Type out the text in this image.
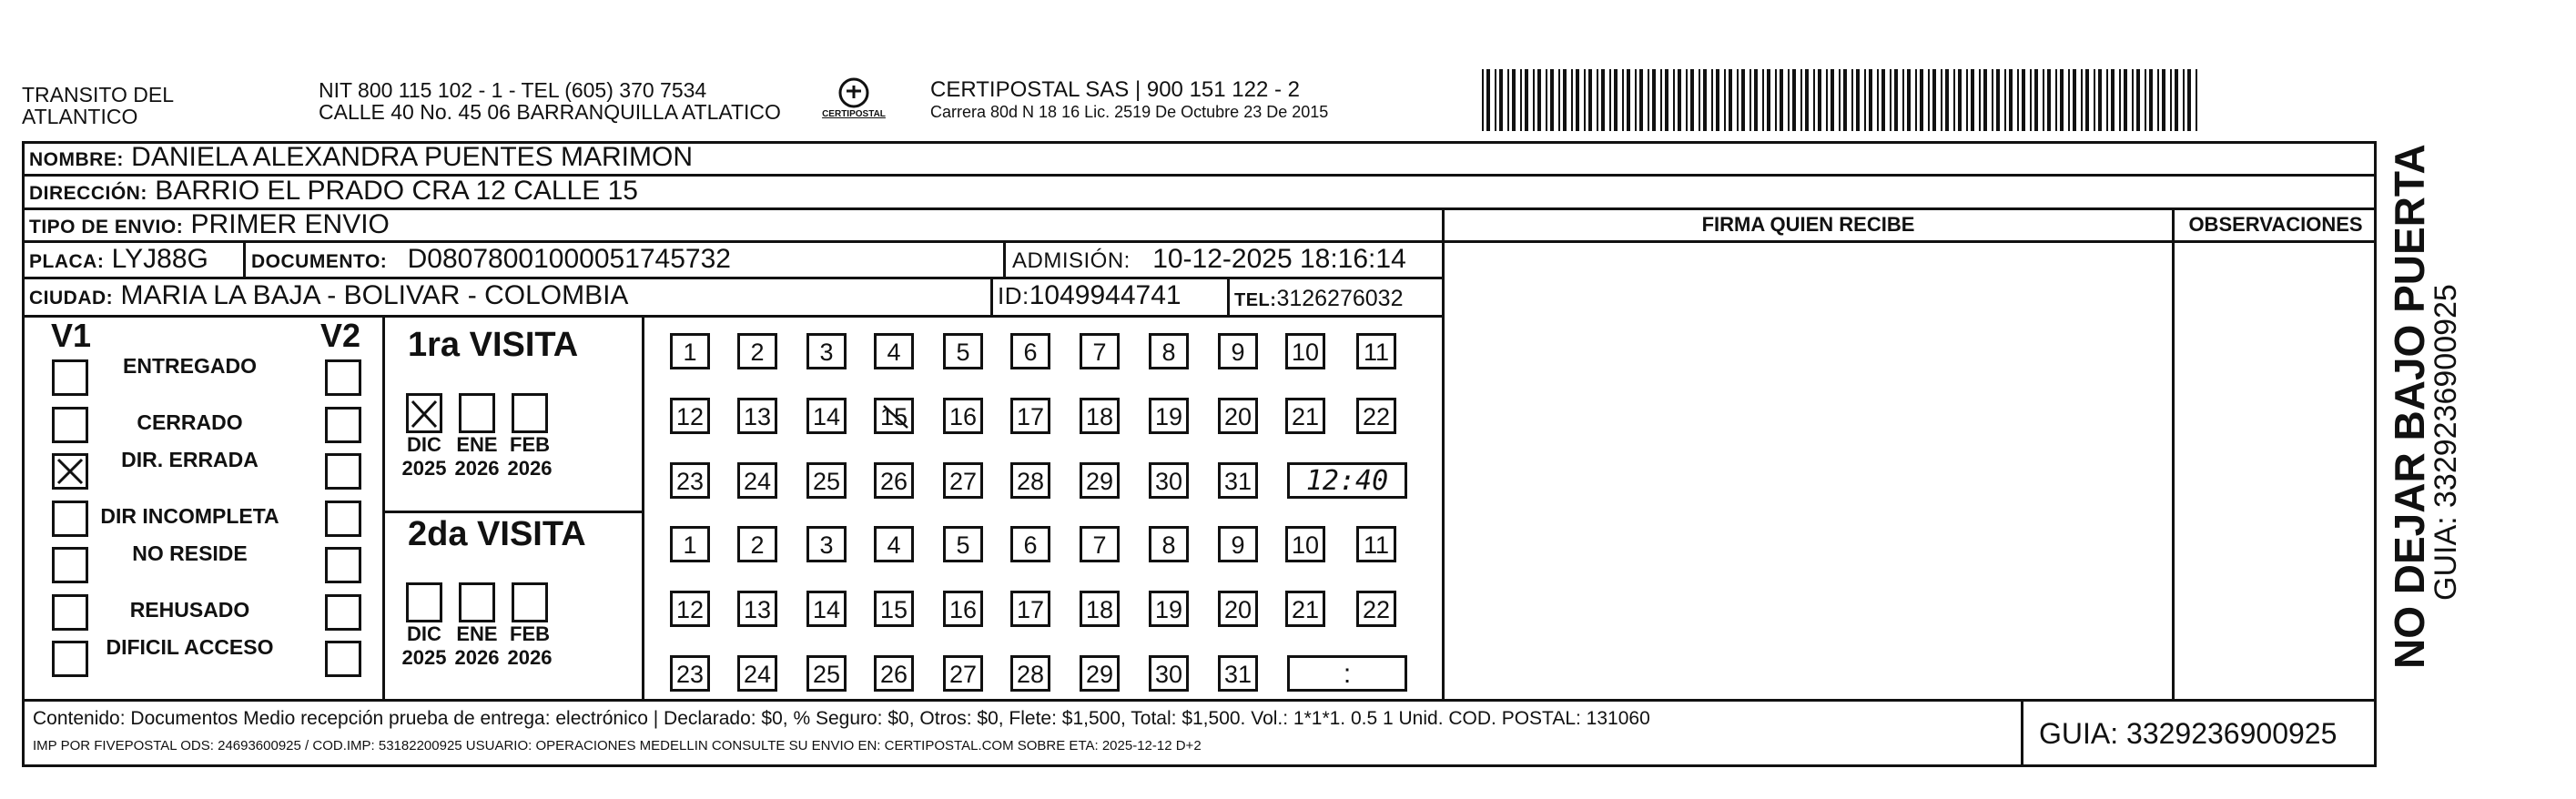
TRANSITO DEL
ATLANTICO
NIT 800 115 102 - 1 - TEL (605) 370 7534
CALLE 40 No. 45 06 BARRANQUILLA ATLATICO	CERTIPOSTAL
CERTIPOSTAL SAS | 900 151 122 - 2
Carrera 80d N 18 16 Lic. 2519 De Octubre 23 De 2015
NOMBRE: DANIELA ALEXANDRA PUENTES MARIMON
DIRECCIÓN: BARRIO EL PRADO CRA 12 CALLE 15
TIPO DE ENVIO: PRIMER ENVIO
PLACA: LYJ88G DOCUMENTO: D08078001000051745732	ADMISIÓN: 10-12-2025 18:16:14
CIUDAD: MARIA LA BAJA - BOLIVAR - COLOMBIA	ID:1049944741	TEL:3126276032
FIRMA QUIEN RECIBE	OBSERVACIONES
V1	V2
ENTREGADO
CERRADO
DIR. ERRADA
DIR INCOMPLETA
NO RESIDE
REHUSADO
DIFICIL ACCESO
1ra VISITA
2da VISITA
DIC
2025
ENE
2026
FEB
2026
DIC
2025
ENE
2026
FEB
2026
1	2	3	4	5	6	7	8	9	10 11
12 13 14 15 16 17 18 19 20 21 22
23 24 25 26 27 28 29 30 31	12:40
1	2	3	4	5	6	7	8	9	10 11
12 13 14 15 16 17 18 19 20 21 22
23 24 25 26 27 28 29 30 31	:
Contenido: Documentos Medio recepción prueba de entrega: electrónico | Declarado: $0, % Seguro: $0, Otros: $0, Flete: $1,500, Total: $1,500. Vol.: 1*1*1. 0.5 1 Unid. COD. POSTAL: 131060
IMP POR FIVEPOSTAL ODS: 24693600925 / COD.IMP: 53182200925 USUARIO: OPERACIONES MEDELLIN CONSULTE SU ENVIO EN: CERTIPOSTAL.COM SOBRE ETA: 2025-12-12 D+2	GUIA: 3329236900925
NO DEJAR BAJO PUERTA
GUIA: 3329236900925
